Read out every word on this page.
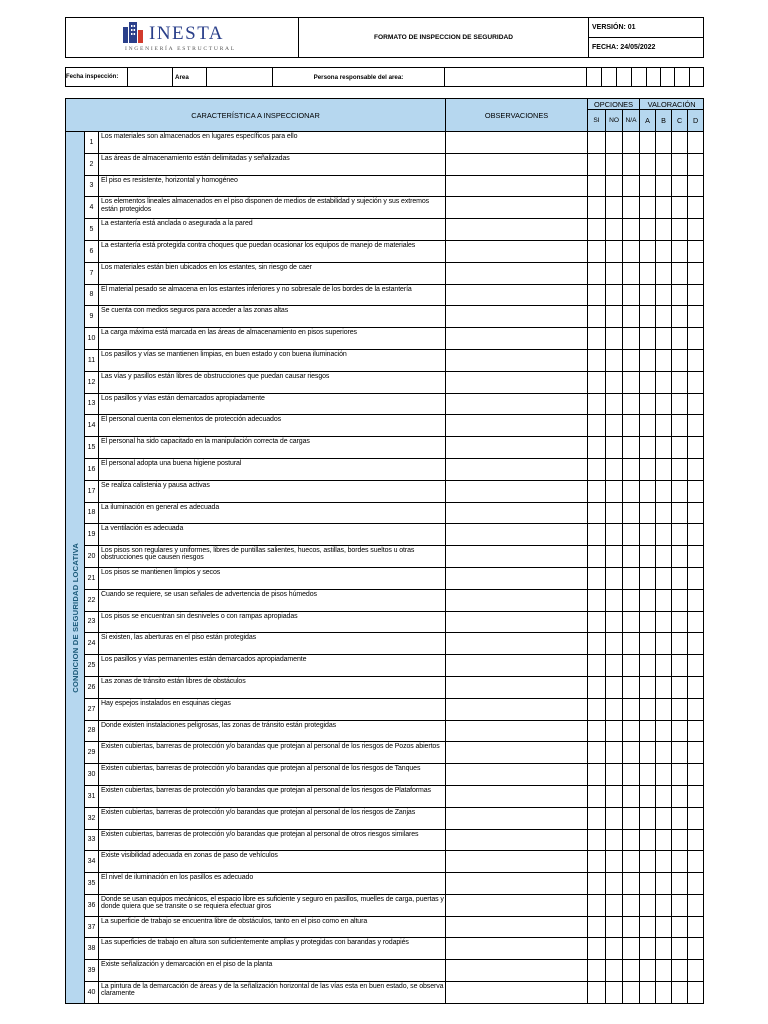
INESTA
INGENIERÍA ESTRUCTURAL
	FORMATO DE INSPECCION DE SEGURIDAD	VERSIÓN: 01
FECHA: 24/05/2022
Fecha inspección:		Area		Persona responsable del area:									
CARACTERÍSTICA A INSPECCIONAR			OBSERVACIONES	OPCIONES			VALORACIÓN			
				SI	NO	N/A	A	B	C	D

CONDICION DE SEGURIDAD LOCATIVA	1	Los materiales son almacenados en lugares específicos para ello								
	2	Las áreas de almacenamiento están delimitadas y señalizadas								
	3	El piso es resistente, horizontal y homogéneo								
	4	Los elementos lineales almacenados en el piso disponen de medios de estabilidad y sujeción y sus extremos están protegidos								
	5	La estantería está anclada o asegurada a la pared								
	6	La estantería está protegida contra choques que puedan ocasionar los equipos de manejo de materiales								
	7	Los materiales están bien ubicados en los estantes, sin riesgo de caer								
	8	El material pesado se almacena en los estantes inferiores y no sobresale de los bordes de la estantería								
	9	Se cuenta con medios seguros para acceder a las zonas altas								
	10	La carga máxima está marcada en las áreas de almacenamiento en pisos superiores								
	11	Los pasillos y vías se mantienen limpias, en buen estado y con buena iluminación								
	12	Las vías y pasillos están libres de obstrucciones que puedan causar riesgos								
	13	Los pasillos y vías están demarcados apropiadamente								
	14	El personal cuenta con elementos de protección adecuados								
	15	El personal ha sido capacitado en la manipulación correcta de cargas								
	16	El personal adopta una buena higiene postural								
	17	Se realiza calistenia y pausa activas								
	18	La iluminación en general es adecuada								
	19	La ventilación es adecuada								
	20	Los pisos son regulares y uniformes, libres de puntillas salientes, huecos, astillas, bordes sueltos u otras obstrucciones que causen riesgos								
	21	Los pisos se mantienen limpios y secos								
	22	Cuando se requiere, se usan señales de advertencia de pisos húmedos								
	23	Los pisos se encuentran sin desniveles o con rampas apropiadas								
	24	Si existen, las aberturas en el piso están protegidas								
	25	Los pasillos y vías permanentes están demarcados apropiadamente								
	26	Las zonas de tránsito están libres de obstáculos								
	27	Hay espejos instalados en esquinas ciegas								
	28	Donde existen instalaciones peligrosas, las zonas de tránsito están protegidas								
	29	Existen cubiertas, barreras de protección y/o barandas que protejan al personal de los riesgos de Pozos abiertos								
	30	Existen cubiertas, barreras de protección y/o barandas que protejan al personal de los riesgos de Tanques								
	31	Existen cubiertas, barreras de protección y/o barandas que protejan al personal de los riesgos de Plataformas								
	32	Existen cubiertas, barreras de protección y/o barandas que protejan al personal de los riesgos de Zanjas								
	33	Existen cubiertas, barreras de protección y/o barandas que protejan al personal de otros riesgos similares								
	34	Existe visibilidad adecuada en zonas de paso de vehículos								
	35	El nivel de iluminación en los pasillos es adecuado								
	36	Donde se usan equipos mecánicos, el espacio libre es suficiente y seguro en pasillos, muelles de carga, puertas y donde quiera que se transite o se requiera efectuar giros								
	37	La superficie de trabajo se encuentra libre de obstáculos, tanto en el piso como en altura								
	38	Las superficies de trabajo en altura son suficientemente amplias y protegidas con barandas y rodapiés								
	39	Existe señalización y demarcación en el piso de la planta								
	40	La pintura de la demarcación de áreas y de la señalización horizontal de las vías esta en buen estado, se observa claramente								
